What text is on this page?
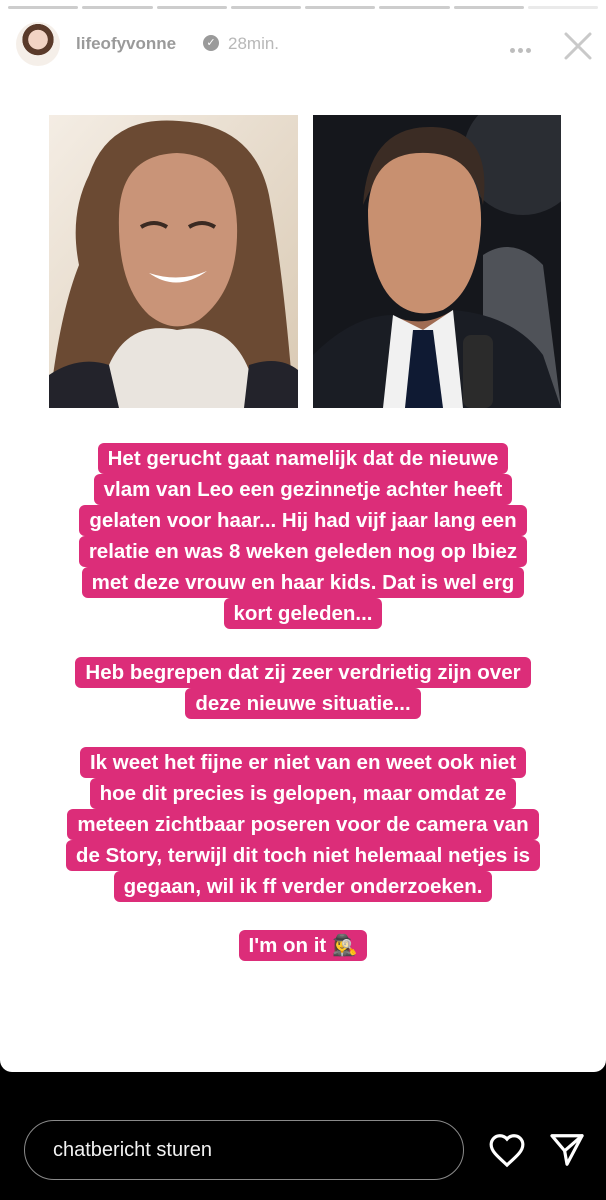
lifeofyvonne	✓ 28min.
Het gerucht gaat namelijk dat de nieuwe
vlam van Leo een gezinnetje achter heeft
gelaten voor haar... Hij had vijf jaar lang een
relatie en was 8 weken geleden nog op Ibiez
met deze vrouw en haar kids. Dat is wel erg
kort geleden...
Heb begrepen dat zij zeer verdrietig zijn over
deze nieuwe situatie...
Ik weet het fijne er niet van en weet ook niet
hoe dit precies is gelopen, maar omdat ze
meteen zichtbaar poseren voor de camera van
de Story, terwijl dit toch niet helemaal netjes is
gegaan, wil ik ff verder onderzoeken.
I'm on it 🕵️‍♀️
chatbericht sturen
